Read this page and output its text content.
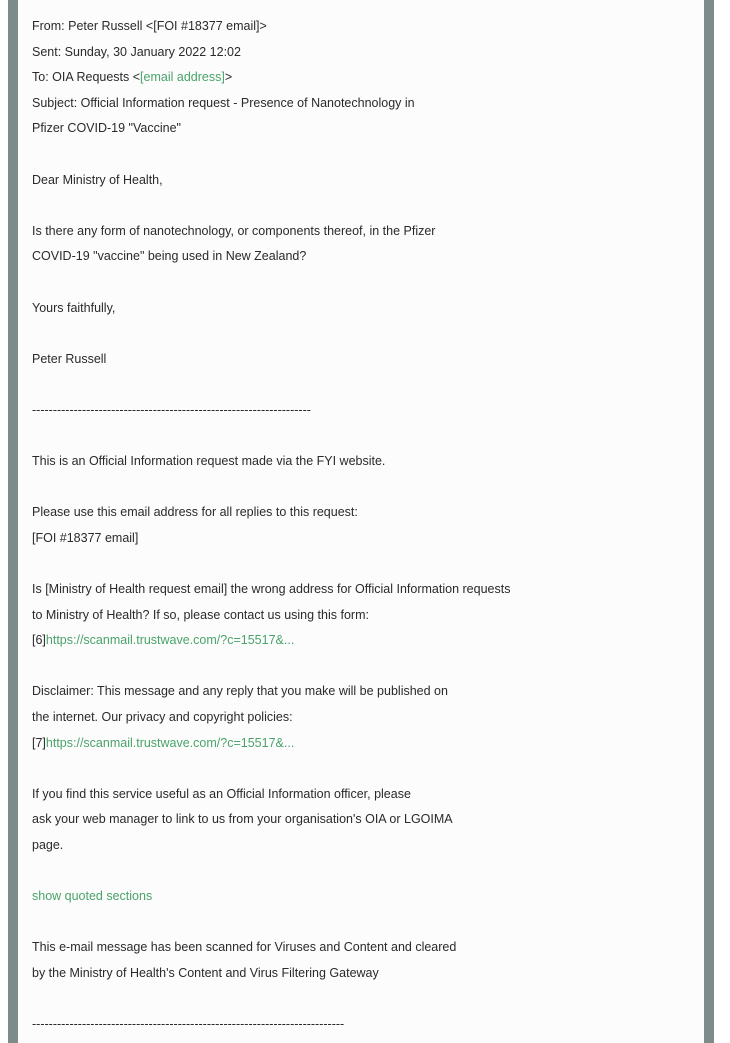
From: Peter Russell <[FOI #18377 email]>
Sent: Sunday, 30 January 2022 12:02
To: OIA Requests <[email address]>
Subject: Official Information request - Presence of Nanotechnology in
Pfizer COVID-19 "Vaccine"
Dear Ministry of Health,
Is there any form of nanotechnology, or components thereof, in the Pfizer
COVID-19 "vaccine" being used in New Zealand?
Yours faithfully,
Peter Russell
-------------------------------------------------------------------
This is an Official Information request made via the FYI website.
Please use this email address for all replies to this request:
[FOI #18377 email]
Is [Ministry of Health request email] the wrong address for Official Information requests
to Ministry of Health? If so, please contact us using this form:
[6]https://scanmail.trustwave.com/?c=15517&...
Disclaimer: This message and any reply that you make will be published on
the internet. Our privacy and copyright policies:
[7]https://scanmail.trustwave.com/?c=15517&...
If you find this service useful as an Official Information officer, please
ask your web manager to link to us from your organisation's OIA or LGOIMA
page.
show quoted sections
This e-mail message has been scanned for Viruses and Content and cleared
by the Ministry of Health's Content and Virus Filtering Gateway
---------------------------------------------------------------------------
